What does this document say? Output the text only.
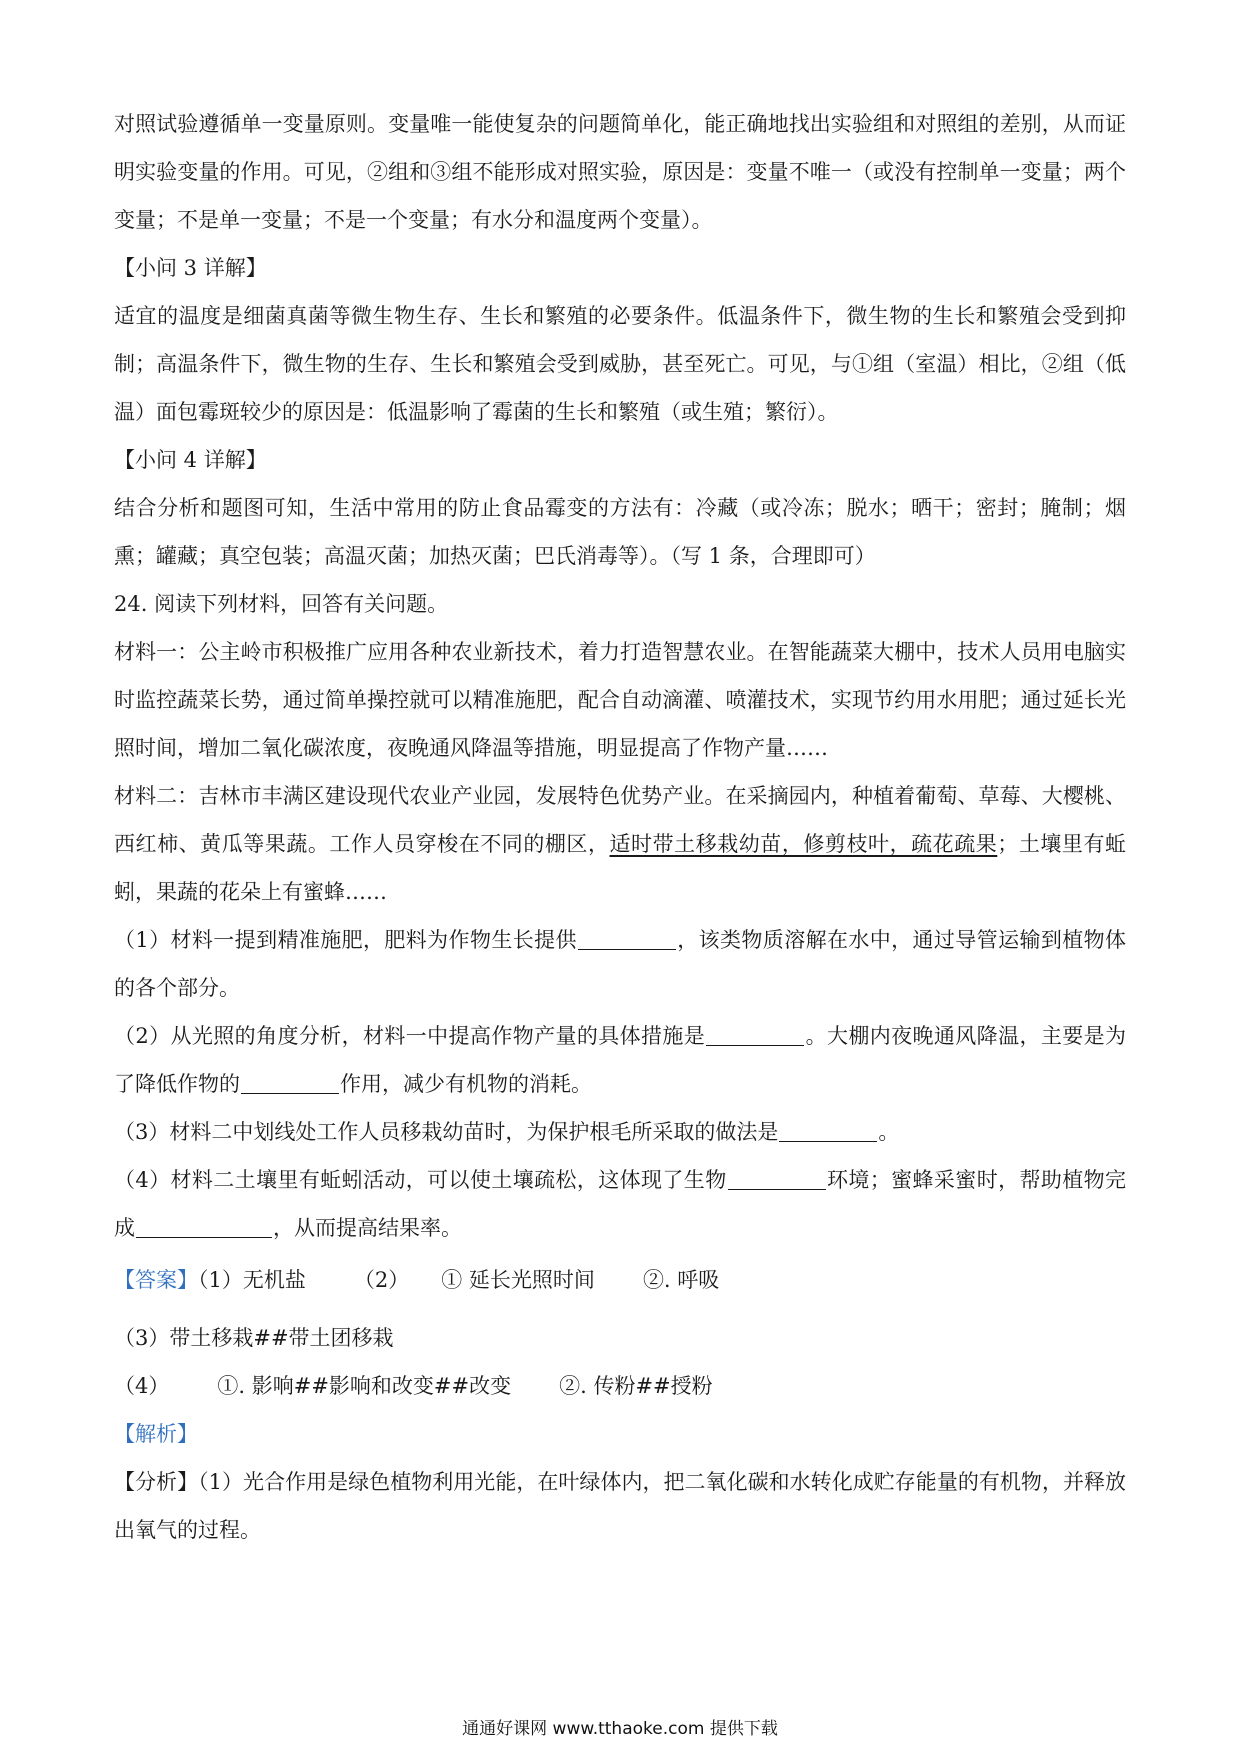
对照试验遵循单一变量原则。变量唯一能使复杂的问题简单化，能正确地找出实验组和对照组的差别，从而证明实验变量的作用。可见，②组和③组不能形成对照实验，原因是：变量不唯一（或没有控制单一变量；两个变量；不是单一变量；不是一个变量；有水分和温度两个变量）。

【小问 3 详解】

适宜的温度是细菌真菌等微生物生存、生长和繁殖的必要条件。低温条件下，微生物的生长和繁殖会受到抑制；高温条件下，微生物的生存、生长和繁殖会受到威胁，甚至死亡。可见，与①组（室温）相比，②组（低温）面包霉斑较少的原因是：低温影响了霉菌的生长和繁殖（或生殖；繁衍）。

【小问 4 详解】

结合分析和题图可知，生活中常用的防止食品霉变的方法有：冷藏（或冷冻；脱水；晒干；密封；腌制；烟熏；罐藏；真空包装；高温灭菌；加热灭菌；巴氏消毒等）。（写 1 条，合理即可）

24. 阅读下列材料，回答有关问题。

材料一：公主岭市积极推广应用各种农业新技术，着力打造智慧农业。在智能蔬菜大棚中，技术人员用电脑实时监控蔬菜长势，通过简单操控就可以精准施肥，配合自动滴灌、喷灌技术，实现节约用水用肥；通过延长光照时间，增加二氧化碳浓度，夜晚通风降温等措施，明显提高了作物产量……

材料二：吉林市丰满区建设现代农业产业园，发展特色优势产业。在采摘园内，种植着葡萄、草莓、大樱桃、西红柿、黄瓜等果蔬。工作人员穿梭在不同的棚区，适时带土移栽幼苗，修剪枝叶，疏花疏果；土壤里有蚯蚓，果蔬的花朵上有蜜蜂……

（1）材料一提到精准施肥，肥料为作物生长提供	，该类物质溶解在水中，通过导管运输到植物体的各个部分。

（2）从光照的角度分析，材料一中提高作物产量的具体措施是	。大棚内夜晚通风降温，主要是为了降低作物的	作用，减少有机物的消耗。

（3）材料二中划线处工作人员移栽幼苗时，为保护根毛所采取的做法是	。

（4）材料二土壤里有蚯蚓活动，可以使土壤疏松，这体现了生物	环境；蜜蜂采蜜时，帮助植物完成	，从而提高结果率。

【答案】（1）无机盐 （2） ① 延长光照时间 ②. 呼吸

（3）带土移栽##带土团移栽

（4） ①. 影响##影响和改变##改变 ②. 传粉##授粉

【解析】

【分析】（1）光合作用是绿色植物利用光能，在叶绿体内，把二氧化碳和水转化成贮存能量的有机物，并释放出氧气的过程。

通通好课网 www.tthaoke.com 提供下载
